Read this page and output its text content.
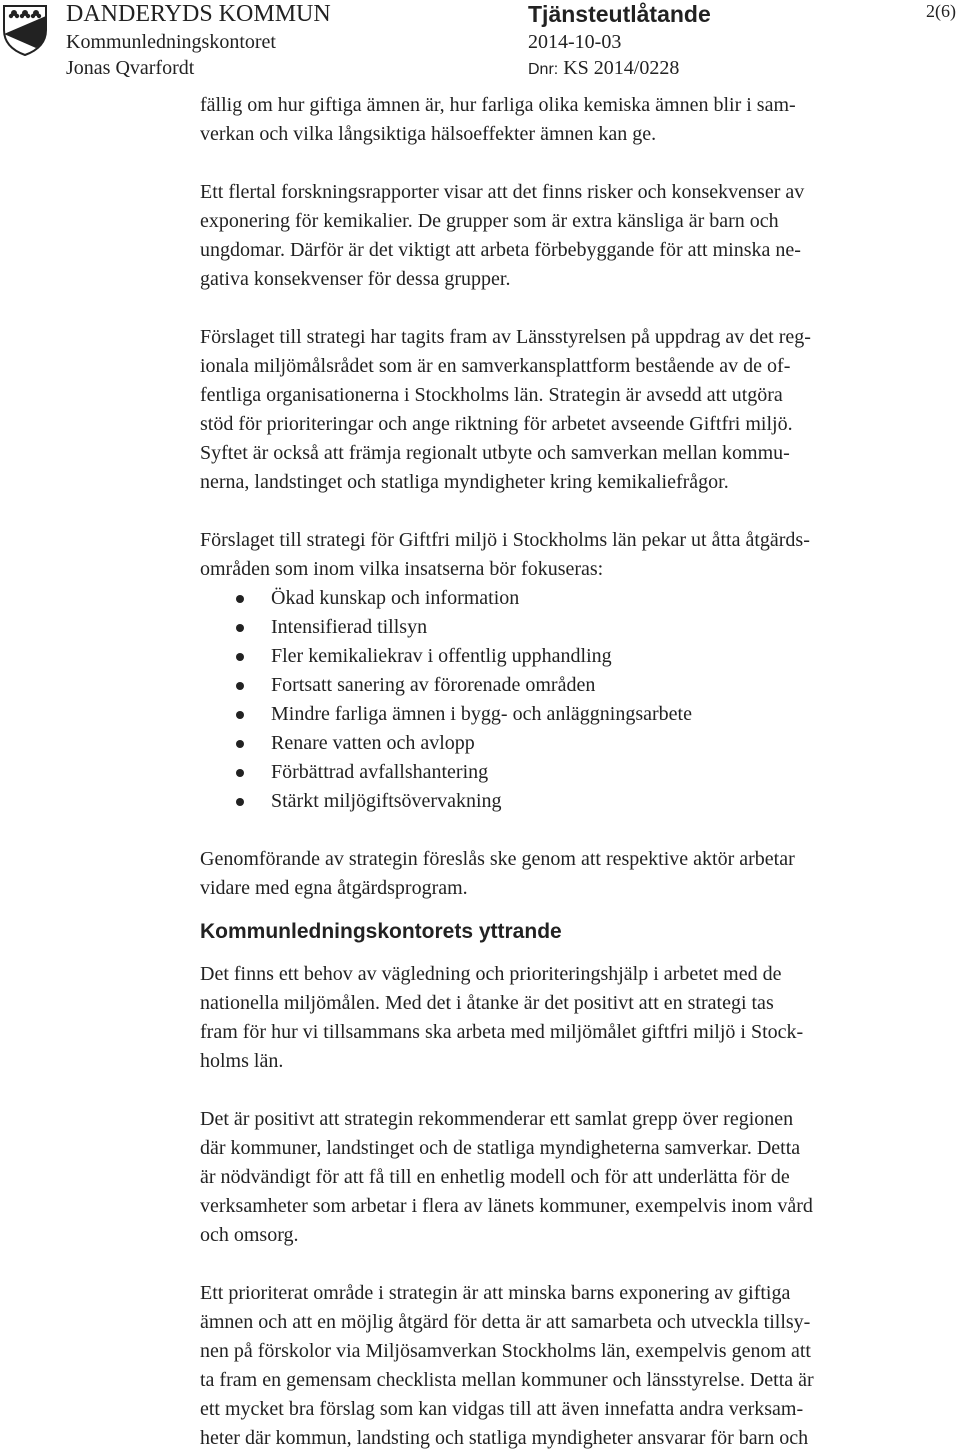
DANDERYDS KOMMUN
Kommunledningskontoret
Jonas Qvarfordt
Tjänsteutlåtande
2014-10-03
Dnr: KS 2014/0228
2(6)

fällig om hur giftiga ämnen är, hur farliga olika kemiska ämnen blir i sam-
verkan och vilka långsiktiga hälsoeffekter ämnen kan ge.

Ett flertal forskningsrapporter visar att det finns risker och konsekvenser av
exponering för kemikalier. De grupper som är extra känsliga är barn och
ungdomar. Därför är det viktigt att arbeta förbebyggande för att minska ne-
gativa konsekvenser för dessa grupper.

Förslaget till strategi har tagits fram av Länsstyrelsen på uppdrag av det reg-
ionala miljömålsrådet som är en samverkansplattform bestående av de of-
fentliga organisationerna i Stockholms län. Strategin är avsedd att utgöra
stöd för prioriteringar och ange riktning för arbetet avseende Giftfri miljö.
Syftet är också att främja regionalt utbyte och samverkan mellan kommu-
nerna, landstinget och statliga myndigheter kring kemikaliefrågor.

Förslaget till strategi för Giftfri miljö i Stockholms län pekar ut åtta åtgärds-
områden som inom vilka insatserna bör fokuseras:

Ökad kunskap och information
Intensifierad tillsyn
Fler kemikaliekrav i offentlig upphandling
Fortsatt sanering av förorenade områden
Mindre farliga ämnen i bygg- och anläggningsarbete
Renare vatten och avlopp
Förbättrad avfallshantering
Stärkt miljögiftsövervakning

Genomförande av strategin föreslås ske genom att respektive aktör arbetar
vidare med egna åtgärdsprogram.

Kommunledningskontorets yttrande

Det finns ett behov av vägledning och prioriteringshjälp i arbetet med de
nationella miljömålen. Med det i åtanke är det positivt att en strategi tas
fram för hur vi tillsammans ska arbeta med miljömålet giftfri miljö i Stock-
holms län.

Det är positivt att strategin rekommenderar ett samlat grepp över regionen
där kommuner, landstinget och de statliga myndigheterna samverkar. Detta
är nödvändigt för att få till en enhetlig modell och för att underlätta för de
verksamheter som arbetar i flera av länets kommuner, exempelvis inom vård
och omsorg.

Ett prioriterat område i strategin är att minska barns exponering av giftiga
ämnen och att en möjlig åtgärd för detta är att samarbeta och utveckla tillsy-
nen på förskolor via Miljösamverkan Stockholms län, exempelvis genom att
ta fram en gemensam checklista mellan kommuner och länsstyrelse. Detta är
ett mycket bra förslag som kan vidgas till att även innefatta andra verksam-
heter där kommun, landsting och statliga myndigheter ansvarar för barn och
